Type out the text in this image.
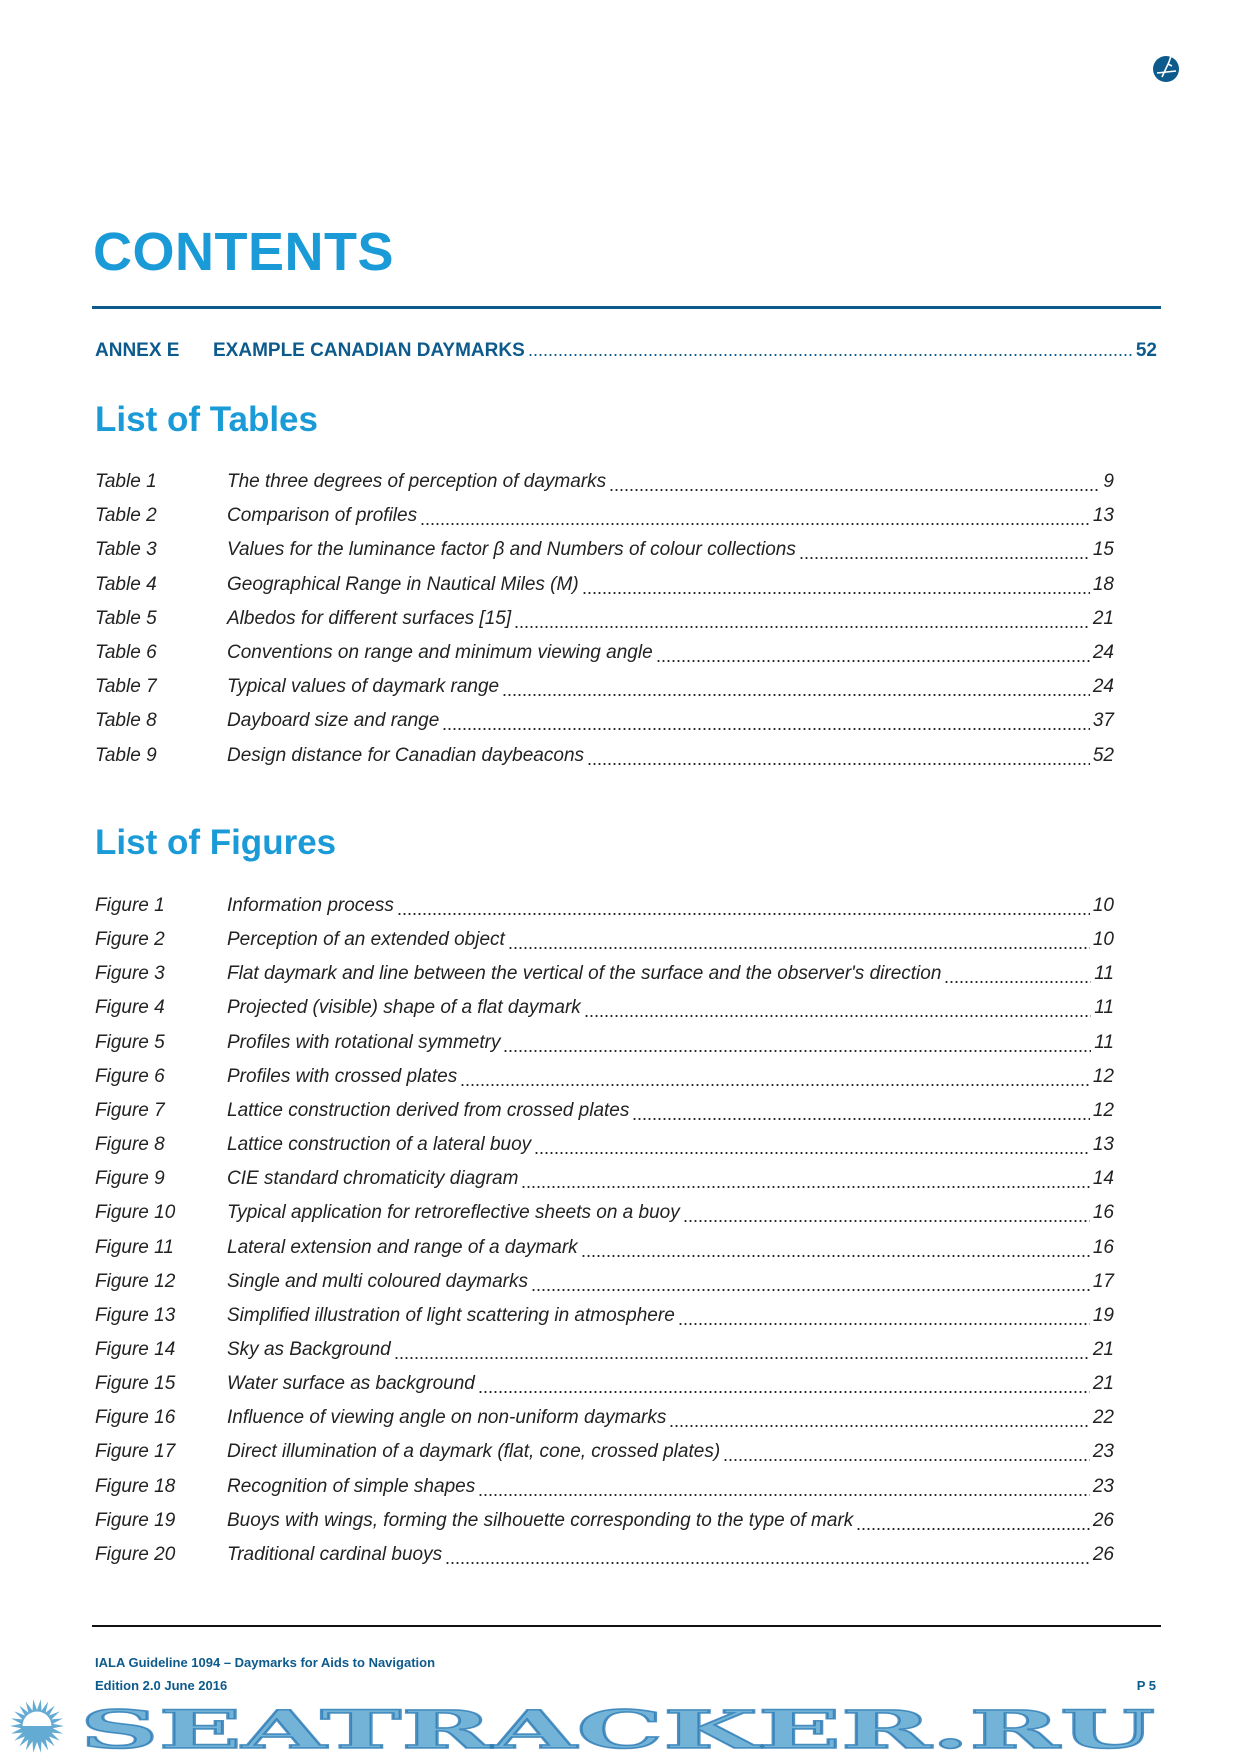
CONTENTS
ANNEX E	EXAMPLE CANADIAN DAYMARKS	52
List of Tables
Table 1	The three degrees of perception of daymarks	9
Table 2	Comparison of profiles	13
Table 3	Values for the luminance factor β and Numbers of colour collections	15
Table 4	Geographical Range in Nautical Miles (M)	18
Table 5	Albedos for different surfaces [15]	21
Table 6	Conventions on range and minimum viewing angle	24
Table 7	Typical values of daymark range	24
Table 8	Dayboard size and range	37
Table 9	Design distance for Canadian daybeacons	52
List of Figures
Figure 1	Information process	10
Figure 2	Perception of an extended object	10
Figure 3	Flat daymark and line between the vertical of the surface and the observer's direction	11
Figure 4	Projected (visible) shape of a flat daymark	11
Figure 5	Profiles with rotational symmetry	11
Figure 6	Profiles with crossed plates	12
Figure 7	Lattice construction derived from crossed plates	12
Figure 8	Lattice construction of a lateral buoy	13
Figure 9	CIE standard chromaticity diagram	14
Figure 10	Typical application for retroreflective sheets on a buoy	16
Figure 11	Lateral extension and range of a daymark	16
Figure 12	Single and multi coloured daymarks	17
Figure 13	Simplified illustration of light scattering in atmosphere	19
Figure 14	Sky as Background	21
Figure 15	Water surface as background	21
Figure 16	Influence of viewing angle on non-uniform daymarks	22
Figure 17	Direct illumination of a daymark (flat, cone, crossed plates)	23
Figure 18	Recognition of simple shapes	23
Figure 19	Buoys with wings, forming the silhouette corresponding to the type of mark	26
Figure 20	Traditional cardinal buoys	26
IALA Guideline 1094 – Daymarks for Aids to Navigation
Edition 2.0 June 2016	P 5
SEATRACKER.RU
